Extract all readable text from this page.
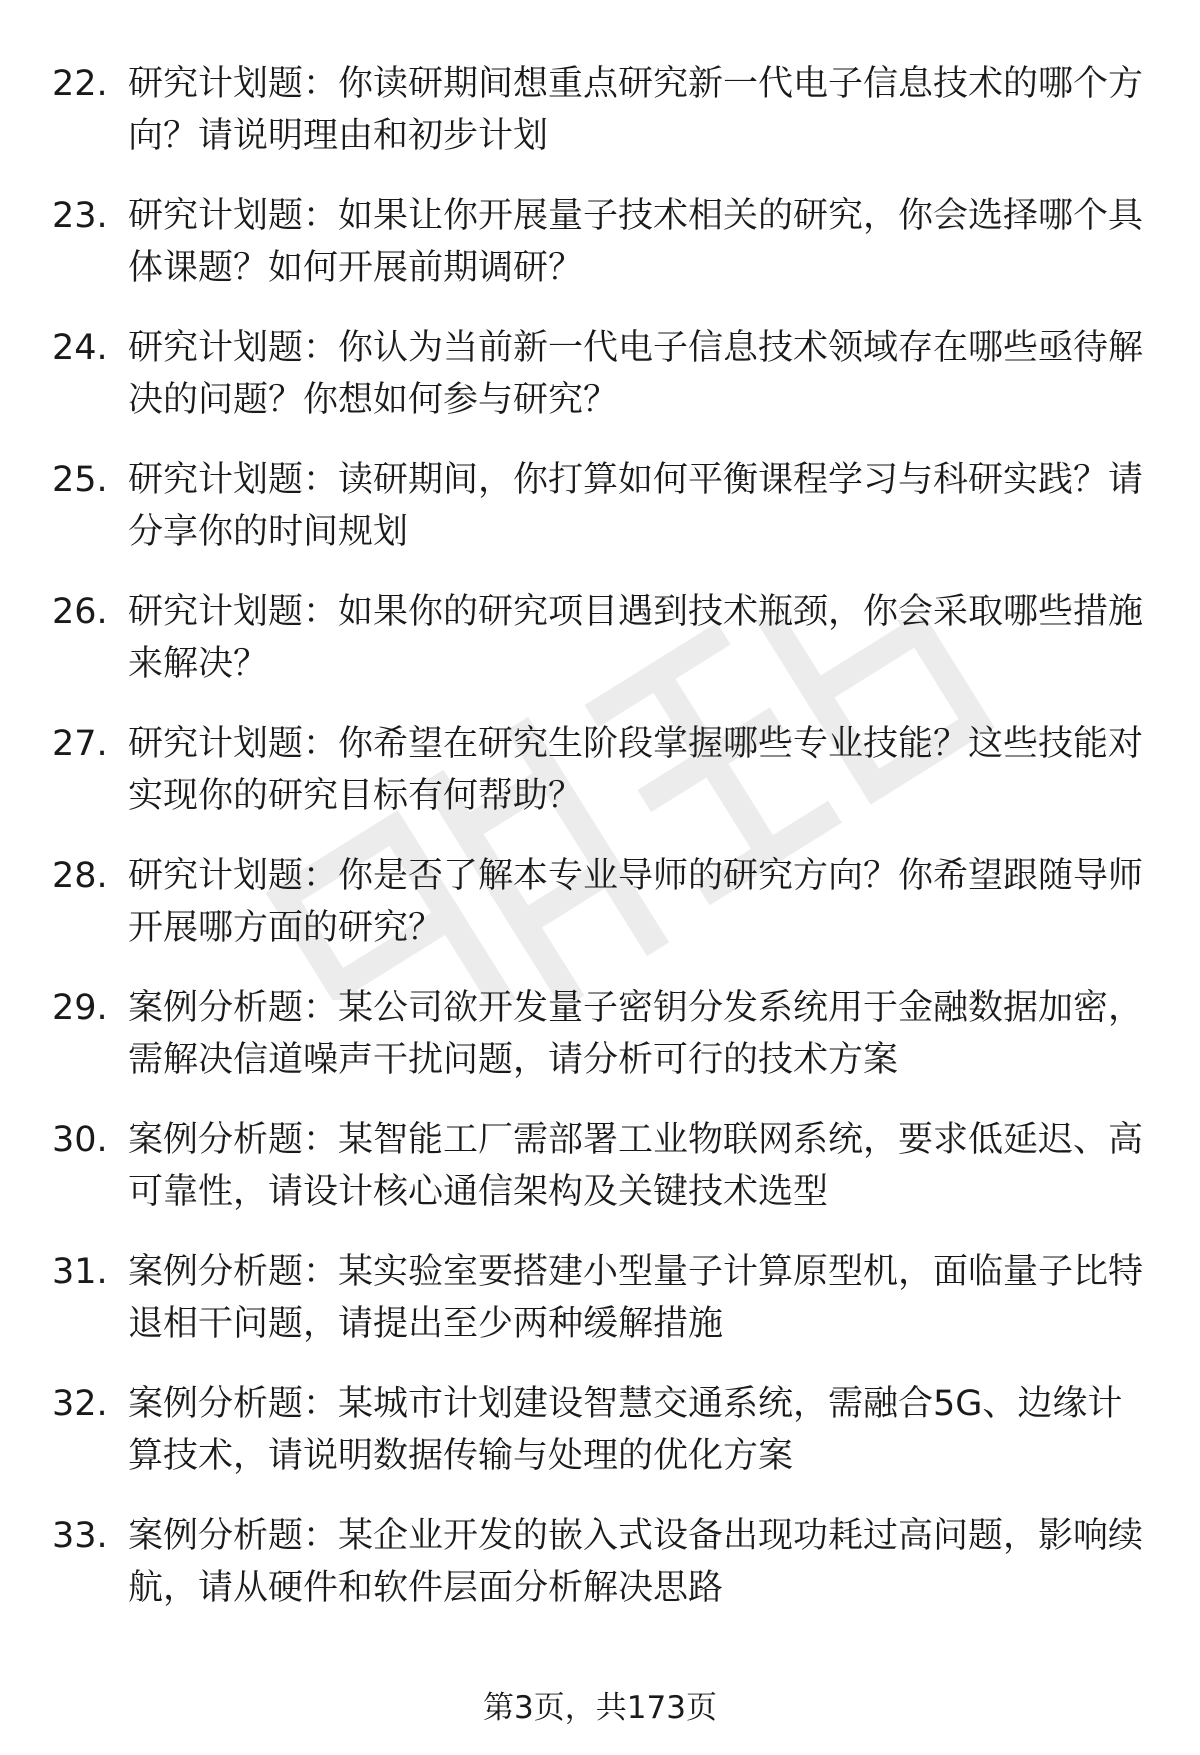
22. 研究计划题：你读研期间想重点研究新一代电子信息技术的哪个方向？请说明理由和初步计划
23. 研究计划题：如果让你开展量子技术相关的研究，你会选择哪个具体课题？如何开展前期调研？
24. 研究计划题：你认为当前新一代电子信息技术领域存在哪些亟待解决的问题？你想如何参与研究？
25. 研究计划题：读研期间，你打算如何平衡课程学习与科研实践？请分享你的时间规划
26. 研究计划题：如果你的研究项目遇到技术瓶颈，你会采取哪些措施来解决？
27. 研究计划题：你希望在研究生阶段掌握哪些专业技能？这些技能对实现你的研究目标有何帮助？
28. 研究计划题：你是否了解本专业导师的研究方向？你希望跟随导师开展哪方面的研究？
29. 案例分析题：某公司欲开发量子密钥分发系统用于金融数据加密，需解决信道噪声干扰问题，请分析可行的技术方案
30. 案例分析题：某智能工厂需部署工业物联网系统，要求低延迟、高可靠性，请设计核心通信架构及关键技术选型
31. 案例分析题：某实验室要搭建小型量子计算原型机，面临量子比特退相干问题，请提出至少两种缓解措施
32. 案例分析题：某城市计划建设智慧交通系统，需融合5G、边缘计算技术，请说明数据传输与处理的优化方案
33. 案例分析题：某企业开发的嵌入式设备出现功耗过高问题，影响续航，请从硬件和软件层面分析解决思路
第3页，共173页
